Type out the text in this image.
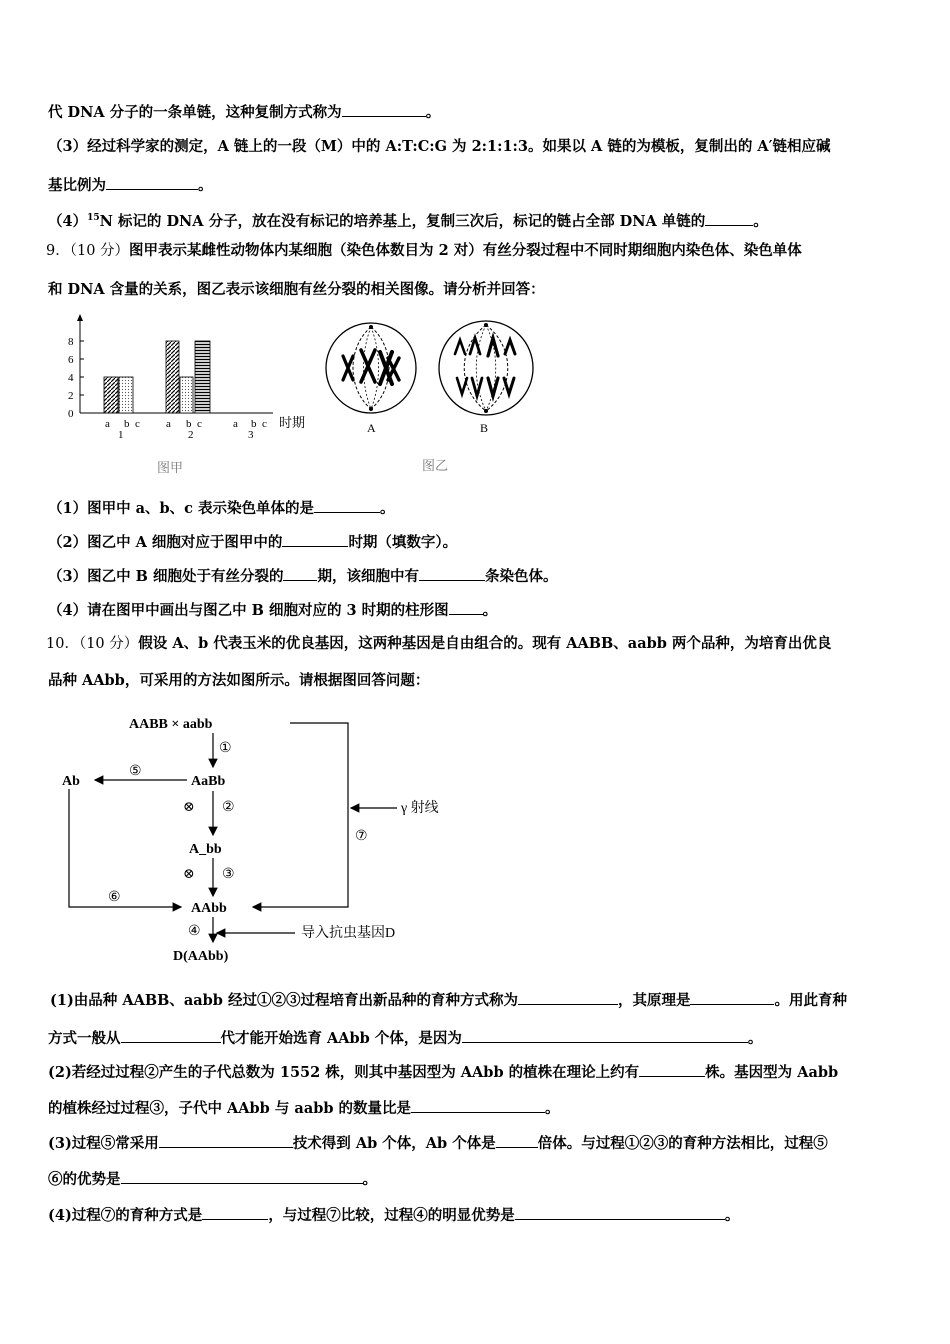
代 DNA 分子的一条单链，这种复制方式称为	。
（3）经过科学家的测定，A 链上的一段（M）中的 A:T:C:G 为 2:1:1:3。如果以 A 链的为模板，复制出的 A′链相应碱
基比例为	。
$(4)^{15}N$ 标记的 DNA 分子，放在没有标记的培养基上，复制三次后，标记的链占全部 DNA 单链的	。
9．（10 分）图甲表示某雌性动物体内某细胞（染色体数目为 2 对）有丝分裂过程中不同时期细胞内染色体、染色单体
和 DNA 含量的关系，图乙表示该细胞有丝分裂的相关图像。请分析并回答：
0
2
4
6
8
a b c a b c	a b c 时期
1	2	3
图甲
A	B
图乙
（1）图甲中 a、b、c 表示染色单体的是	。
（2）图乙中 A 细胞对应于图甲中的	时期（填数字）。
（3）图乙中 B 细胞处于有丝分裂的 期，该细胞中有	条染色体。
（4）请在图甲中画出与图乙中 B 细胞对应的 3 时期的柱形图 。
10．（10 分）假设 A、b 代表玉米的优良基因，这两种基因是自由组合的。现有 AABB、aabb 两个品种，为培育出优良
品种 AAbb，可采用的方法如图所示。请根据图回答问题：
AABB × aabb
AaBb
A_bb
AAbb
D(AAbb)
Ab
①
⊗ ②
⊗ ③
④
⑤
⑥
⑦
γ 射线
导入抗虫基因D
(1)由品种 AABB、aabb 经过①②③过程培育出新品种的育种方式称为	，其原理是	。用此育种
方式一般从	代才能开始选育 AAbb 个体，是因为	。
(2)若经过过程②产生的子代总数为 1552 株，则其中基因型为 AAbb 的植株在理论上约有	株。基因型为 Aabb
的植株经过过程③，子代中 AAbb 与 aabb 的数量比是	。
(3)过程⑤常采用	技术得到 Ab 个体，Ab 个体是	倍体。与过程①②③的育种方法相比，过程⑤
⑥的优势是	。
(4)过程⑦的育种方式是	，与过程⑦比较，过程④的明显优势是	。
